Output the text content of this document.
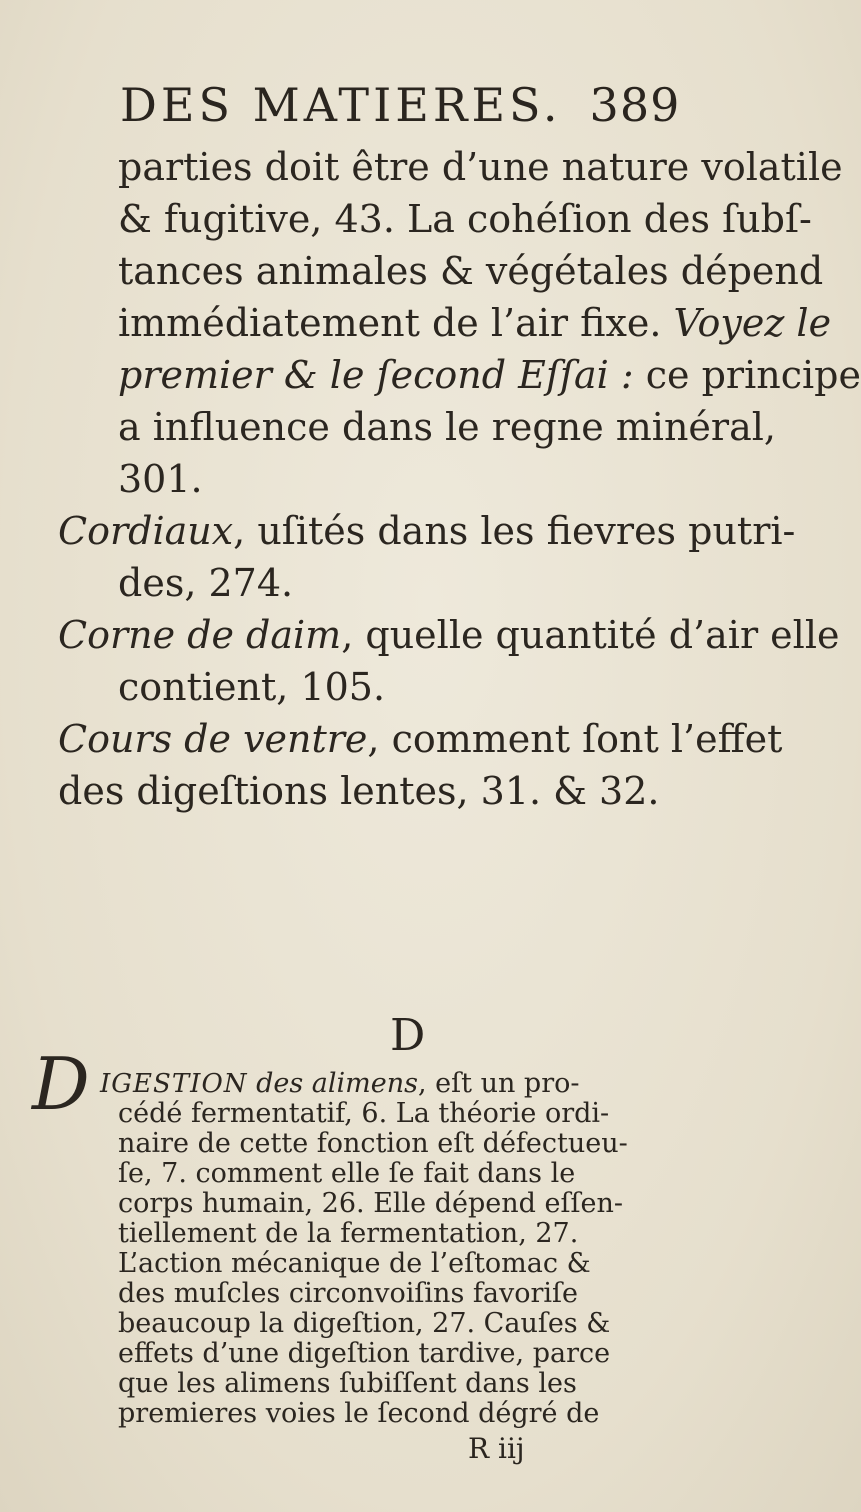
DES MATIERES. 389
parties doit être d’une nature volatile
& fugitive, 43. La cohéſion des ſubſ-
tances animales & végétales dépend
immédiatement de l’air fixe. Voyez le
premier & le ſecond Eſſai : ce principe
a influence dans le regne minéral,
301.
Cordiaux, uſités dans les fievres putri-
des, 274.
Corne de daim, quelle quantité d’air elle
contient, 105.
Cours de ventre, comment ſont l’effet
des digeſtions lentes, 31. & 32.
D
D IGESTION des alimens, eſt un pro-
cédé fermentatif, 6. La théorie ordi-
naire de cette fonction eſt défectueu-
ſe, 7. comment elle ſe fait dans le
corps humain, 26. Elle dépend eſſen-
tiellement de la fermentation, 27.
L’action mécanique de l’eſtomac &
des muſcles circonvoiſins favoriſe
beaucoup la digeſtion, 27. Cauſes &
effets d’une digeſtion tardive, parce
que les alimens ſubiſſent dans les
premieres voies le ſecond dégré de
R iij
